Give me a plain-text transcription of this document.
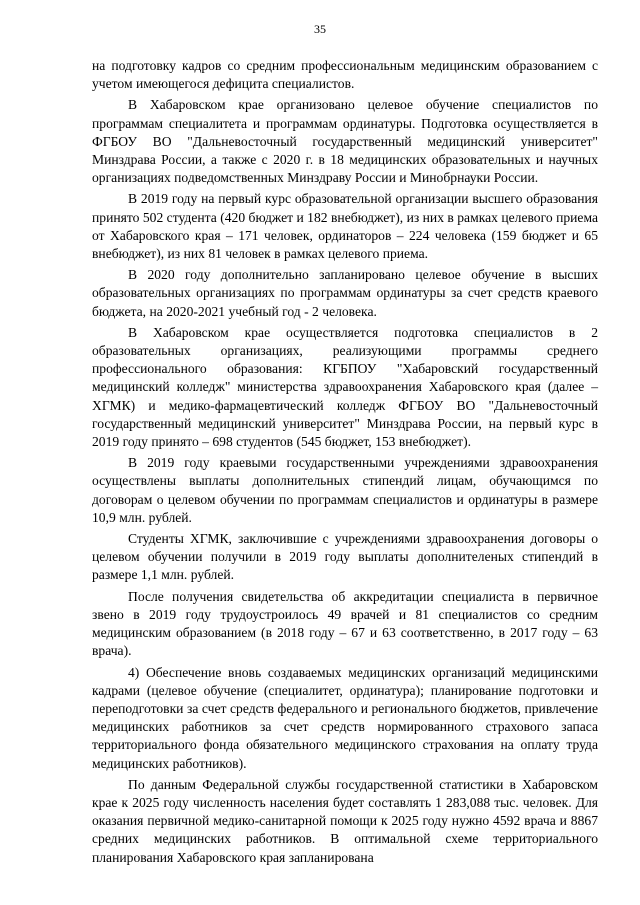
35

на подготовку кадров со средним профессиональным медицинским образованием с учетом имеющегося дефицита специалистов.

В Хабаровском крае организовано целевое обучение специалистов по программам специалитета и программам ординатуры. Подготовка осуществляется в ФГБОУ ВО "Дальневосточный государственный медицинский университет" Минздрава России, а также с 2020 г. в 18 медицинских образовательных и научных организациях подведомственных Минздраву России и Минобрнауки России.

В 2019 году на первый курс образовательной организации высшего образования принято 502 студента (420 бюджет и 182 внебюджет), из них в рамках целевого приема от Хабаровского края – 171 человек, ординаторов – 224 человека (159 бюджет и 65 внебюджет), из них 81 человек в рамках целевого приема.

В 2020 году дополнительно запланировано целевое обучение в высших образовательных организациях по программам ординатуры за счет средств краевого бюджета, на 2020-2021 учебный год - 2 человека.

В Хабаровском крае осуществляется подготовка специалистов в 2 образовательных организациях, реализующими программы среднего профессионального образования: КГБПОУ "Хабаровский государственный медицинский колледж" министерства здравоохранения Хабаровского края (далее – ХГМК) и медико-фармацевтический колледж ФГБОУ ВО "Дальневосточный государственный медицинский университет" Минздрава России, на первый курс в 2019 году принято – 698 студентов (545 бюджет, 153 внебюджет).

В 2019 году краевыми государственными учреждениями здравоохранения осуществлены выплаты дополнительных стипендий лицам, обучающимся по договорам о целевом обучении по программам специалистов и ординатуры в размере 10,9 млн. рублей.

Студенты ХГМК, заключившие с учреждениями здравоохранения договоры о целевом обучении получили в 2019 году выплаты дополнителеных стипендий в размере 1,1 млн. рублей.

После получения свидетельства об аккредитации специалиста в первичное звено в 2019 году трудоустроилось 49 врачей и 81 специалистов со средним медицинским образованием (в 2018 году – 67 и 63 соответственно, в 2017 году – 63 врача).

4) Обеспечение вновь создаваемых медицинских организаций медицинскими кадрами (целевое обучение (специалитет, ординатура); планирование подготовки и переподготовки за счет средств федерального и регионального бюджетов, привлечение медицинских работников за счет средств нормированного страхового запаса территориального фонда обязательного медицинского страхования на оплату труда медицинских работников).

По данным Федеральной службы государственной статистики в Хабаровском крае к 2025 году численность населения будет составлять 1 283,088 тыс. человек. Для оказания первичной медико-санитарной помощи к 2025 году нужно 4592 врача и 8867 средних медицинских работников. В оптимальной схеме территориального планирования Хабаровского края запланирована
